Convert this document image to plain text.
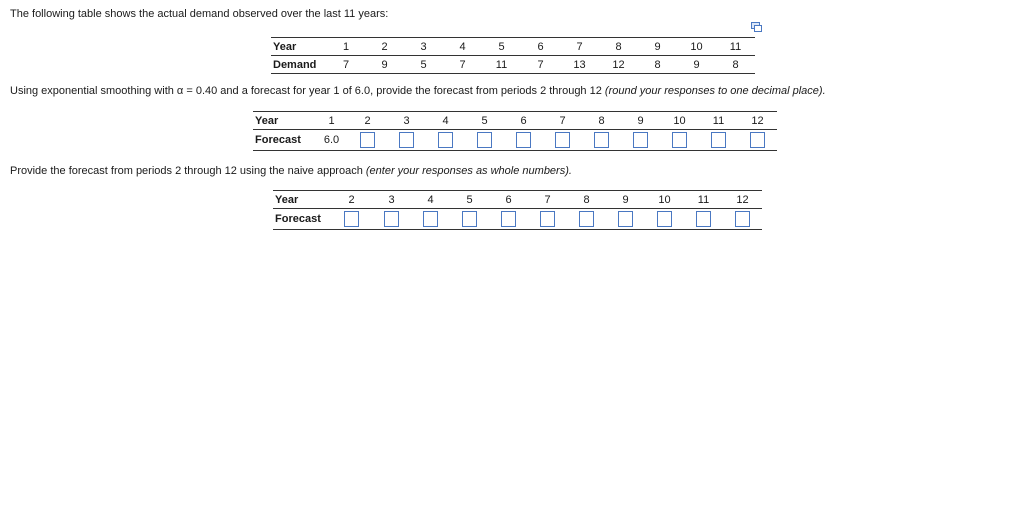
The following table shows the actual demand observed over the last 11 years:
Year	1	2	3	4	5	6	7	8	9	10	11
Demand	7	9	5	7	11	7	13	12	8	9	8
Using exponential smoothing with α = 0.40 and a forecast for year 1 of 6.0, provide the forecast from periods 2 through 12 (round your responses to one decimal place).
Year	1	2	3	4	5	6	7	8	9	10	11	12
Forecast	6.0											
Provide the forecast from periods 2 through 12 using the naive approach (enter your responses as whole numbers).
Year	2	3	4	5	6	7	8	9	10	11	12
Forecast											
